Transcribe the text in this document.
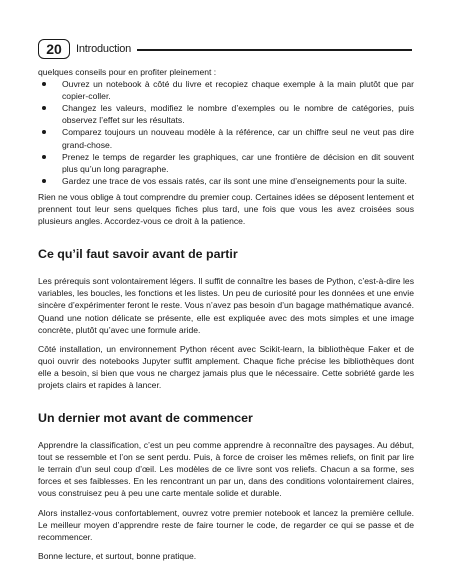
20	Introduction

quelques conseils pour en profiter pleinement :

Ouvrez un notebook à côté du livre et recopiez chaque exemple à la main plutôt que par copier-coller.
Changez les valeurs, modifiez le nombre d’exemples ou le nombre de catégories, puis observez l’effet sur les résultats.
Comparez toujours un nouveau modèle à la référence, car un chiffre seul ne veut pas dire grand-chose.
Prenez le temps de regarder les graphiques, car une frontière de décision en dit souvent plus qu’un long paragraphe.
Gardez une trace de vos essais ratés, car ils sont une mine d’enseignements pour la suite.

Rien ne vous oblige à tout comprendre du premier coup. Certaines idées se déposent lentement et prennent tout leur sens quelques fiches plus tard, une fois que vous les avez croisées sous plusieurs angles. Accordez-vous ce droit à la patience.

Ce qu’il faut savoir avant de partir

Les prérequis sont volontairement légers. Il suffit de connaître les bases de Python, c’est-à-dire les variables, les boucles, les fonctions et les listes. Un peu de curiosité pour les données et une envie sincère d’expérimenter feront le reste. Vous n’avez pas besoin d’un bagage mathématique avancé. Quand une notion délicate se présente, elle est expliquée avec des mots simples et une image concrète, plutôt qu’avec une formule aride.

Côté installation, un environnement Python récent avec Scikit-learn, la bibliothèque Faker et de quoi ouvrir des notebooks Jupyter suffit amplement. Chaque fiche précise les bibliothèques dont elle a besoin, si bien que vous ne chargez jamais plus que le nécessaire. Cette sobriété garde les projets clairs et rapides à lancer.

Un dernier mot avant de commencer

Apprendre la classification, c’est un peu comme apprendre à reconnaître des paysages. Au début, tout se ressemble et l’on se sent perdu. Puis, à force de croiser les mêmes reliefs, on finit par lire le terrain d’un seul coup d’œil. Les modèles de ce livre sont vos reliefs. Chacun a sa forme, ses forces et ses faiblesses. En les rencontrant un par un, dans des conditions volontairement claires, vous construisez peu à peu une carte mentale solide et durable.

Alors installez-vous confortablement, ouvrez votre premier notebook et lancez la première cellule. Le meilleur moyen d’apprendre reste de faire tourner le code, de regarder ce qui se passe et de recommencer.

Bonne lecture, et surtout, bonne pratique.
